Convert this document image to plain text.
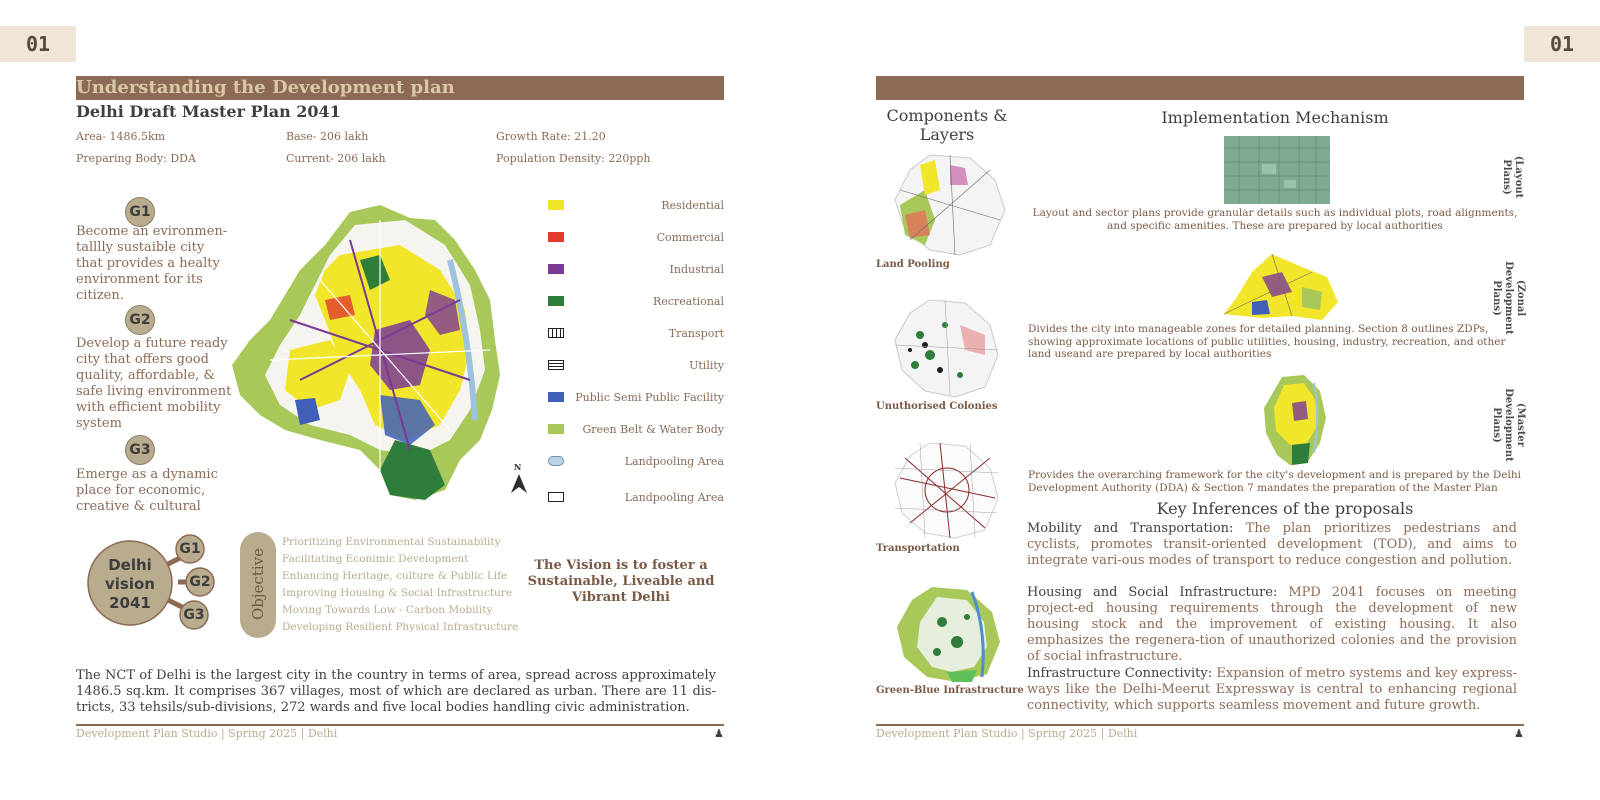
01	01
Understanding the Development plan
Delhi Draft Master Plan 2041
Area- 1486.5km	Base- 206 lakh	Growth Rate: 21.20
Preparing Body: DDA	Current- 206 lakh	Population Density: 220pph
G1
Become an evironmen-talllly sustaible city that provides a healty environment for its citizen.
G2
Develop a future ready city that offers good quality, affordable, & safe living environment with efficient mobility system
G3
Emerge as a dynamic place for economic, creative & cultural
N
Residential
Commercial
Industrial
Recreational
Transport
Utility
Public Semi Public Facility
Green Belt & Water Body
Landpooling Area
Landpooling Area
Delhi
vision
2041
G1
G2
G3	Objective
Prioritizing Environmental Sustainability
Facilitating Econimic Development
Enhancing Heritage, culture & Public Life
Improving Housing & Social Infrastructure
Moving Towards Low - Carbon Mobility
Developing Resilient Physical Infrastructure
The Vision is to foster a Sustainable, Liveable and Vibrant Delhi
The NCT of Delhi is the largest city in the country in terms of area, spread across approximately 1486.5 sq.km. It comprises 367 villages, most of which are declared as urban. There are 11 dis-tricts, 33 tehsils/sub-divisions, 272 wards and five local bodies handling civic administration.
Development Plan Studio | Spring 2025 | Delhi	♟
Components & Layers
Implementation Mechanism
Land Pooling
Unuthorised Colonies
Transportation
Green-Blue Infrastructure
(Layout Plans)
Layout and sector plans provide granular details such as individual plots, road alignments, and specific amenities. These are prepared by local authorities
(Zonal Development Plans)
Divides the city into manageable zones for detailed planning. Section 8 outlines ZDPs, showing approximate locations of public utilities, housing, industry, recreation, and other land useand are prepared by local authorities
(Master Development Plans)
Provides the overarching framework for the city's development and is prepared by the Delhi Development Authority (DDA) & Section 7 mandates the preparation of the Master Plan
Key Inferences of the proposals
Mobility and Transportation: The plan prioritizes pedestrians and cyclists, promotes transit-oriented development (TOD), and aims to integrate vari-ous modes of transport to reduce congestion and pollution.
Housing and Social Infrastructure: MPD 2041 focuses on meeting project-ed housing requirements through the development of new housing stock and the improvement of existing housing. It also emphasizes the regenera-tion of unauthorized colonies and the provision of social infrastructure.
Infrastructure Connectivity: Expansion of metro systems and key express-ways like the Delhi-Meerut Expressway is central to enhancing regional connectivity, which supports seamless movement and future growth.
Development Plan Studio | Spring 2025 | Delhi	♟
